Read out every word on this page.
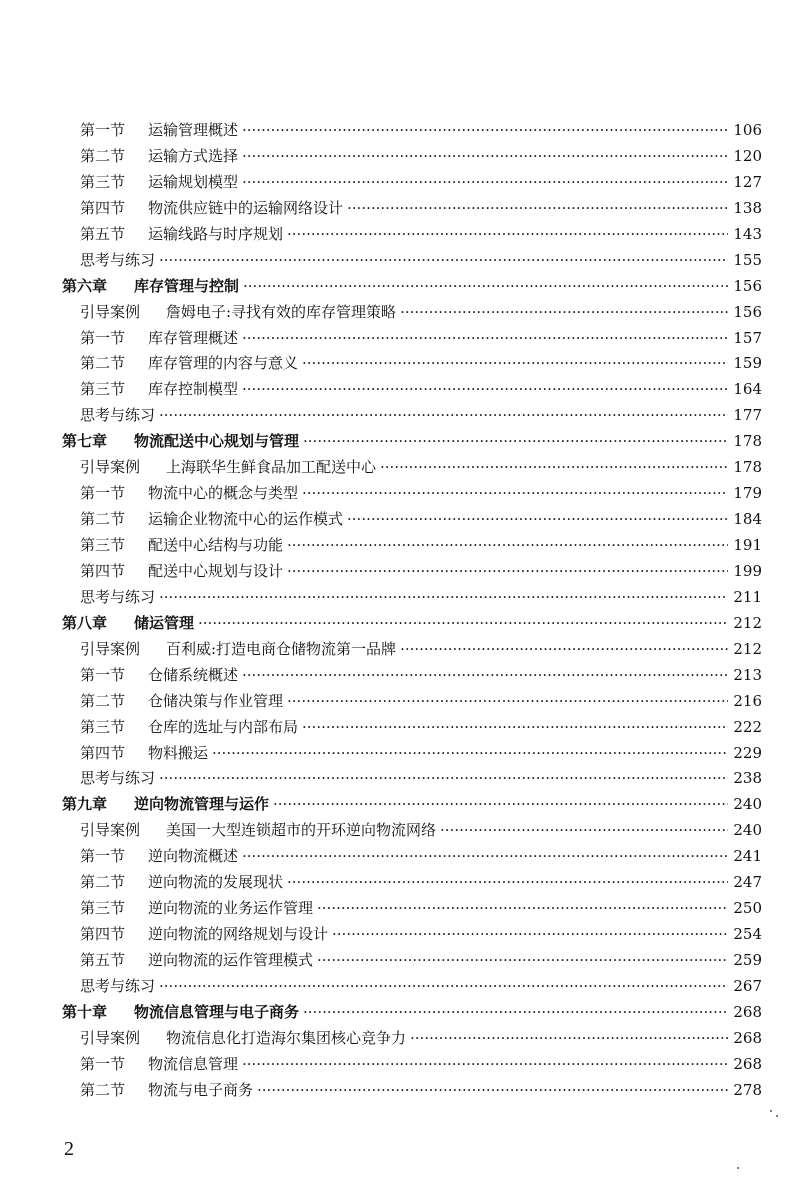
第一节 运输管理概述 ·····	106
第二节 运输方式选择 ·····	120
第三节 运输规划模型 ·····	127
第四节 物流供应链中的运输网络设计 ·····	138
第五节 运输线路与时序规划 ·····	143
思考与练习 ·····	155
第六章 库存管理与控制 ·····	156
引导案例 詹姆电子:寻找有效的库存管理策略 ·····	156
第一节 库存管理概述 ·····	157
第二节 库存管理的内容与意义 ·····	159
第三节 库存控制模型 ·····	164
思考与练习 ·····	177
第七章 物流配送中心规划与管理 ·····	178
引导案例 上海联华生鲜食品加工配送中心 ·····	178
第一节 物流中心的概念与类型 ·····	179
第二节 运输企业物流中心的运作模式 ·····	184
第三节 配送中心结构与功能 ·····	191
第四节 配送中心规划与设计 ·····	199
思考与练习 ·····	211
第八章 储运管理 ·····	212
引导案例 百利威:打造电商仓储物流第一品牌 ·····	212
第一节 仓储系统概述 ·····	213
第二节 仓储决策与作业管理 ·····	216
第三节 仓库的选址与内部布局 ·····	222
第四节 物料搬运 ·····	229
思考与练习 ·····	238
第九章 逆向物流管理与运作 ·····	240
引导案例 美国一大型连锁超市的开环逆向物流网络 ·····	240
第一节 逆向物流概述 ·····	241
第二节 逆向物流的发展现状 ·····	247
第三节 逆向物流的业务运作管理 ·····	250
第四节 逆向物流的网络规划与设计 ·····	254
第五节 逆向物流的运作管理模式 ·····	259
思考与练习 ·····	267
第十章 物流信息管理与电子商务 ·····	268
引导案例 物流信息化打造海尔集团核心竞争力 ·····	268
第一节 物流信息管理 ·····	268
第二节 物流与电子商务 ·····	278
2
